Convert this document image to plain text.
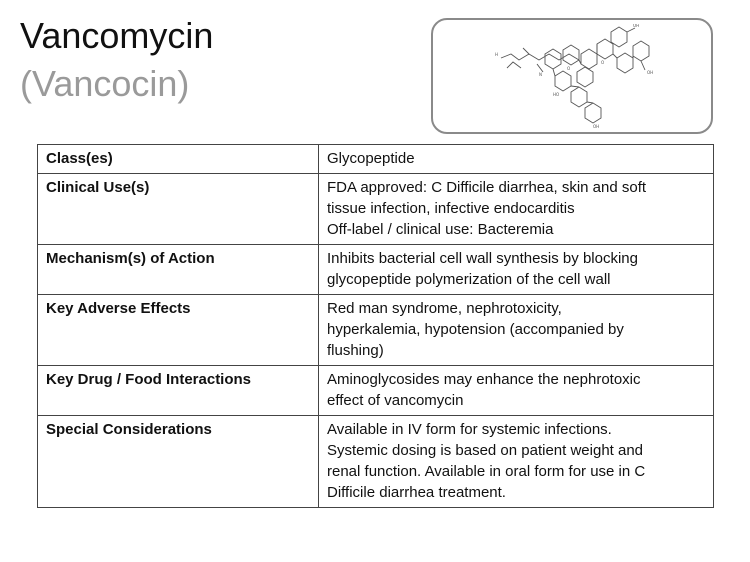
Vancomycin
(Vancocin)
H
OH
OH
HO
OH
O
N
O
Class(es)	Glycopeptide

Clinical Use(s)	FDA approved: C Difficile diarrhea, skin and soft
tissue infection, infective endocarditis
Off-label / clinical use: Bacteremia

Mechanism(s) of Action	Inhibits bacterial cell wall synthesis by blocking
glycopeptide polymerization of the cell wall

Key Adverse Effects	Red man syndrome, nephrotoxicity,
hyperkalemia, hypotension (accompanied by
flushing)

Key Drug / Food Interactions	Aminoglycosides may enhance the nephrotoxic
effect of vancomycin

Special Considerations	Available in IV form for systemic infections.
Systemic dosing is based on patient weight and
renal function. Available in oral form for use in C
Difficile diarrhea treatment.
